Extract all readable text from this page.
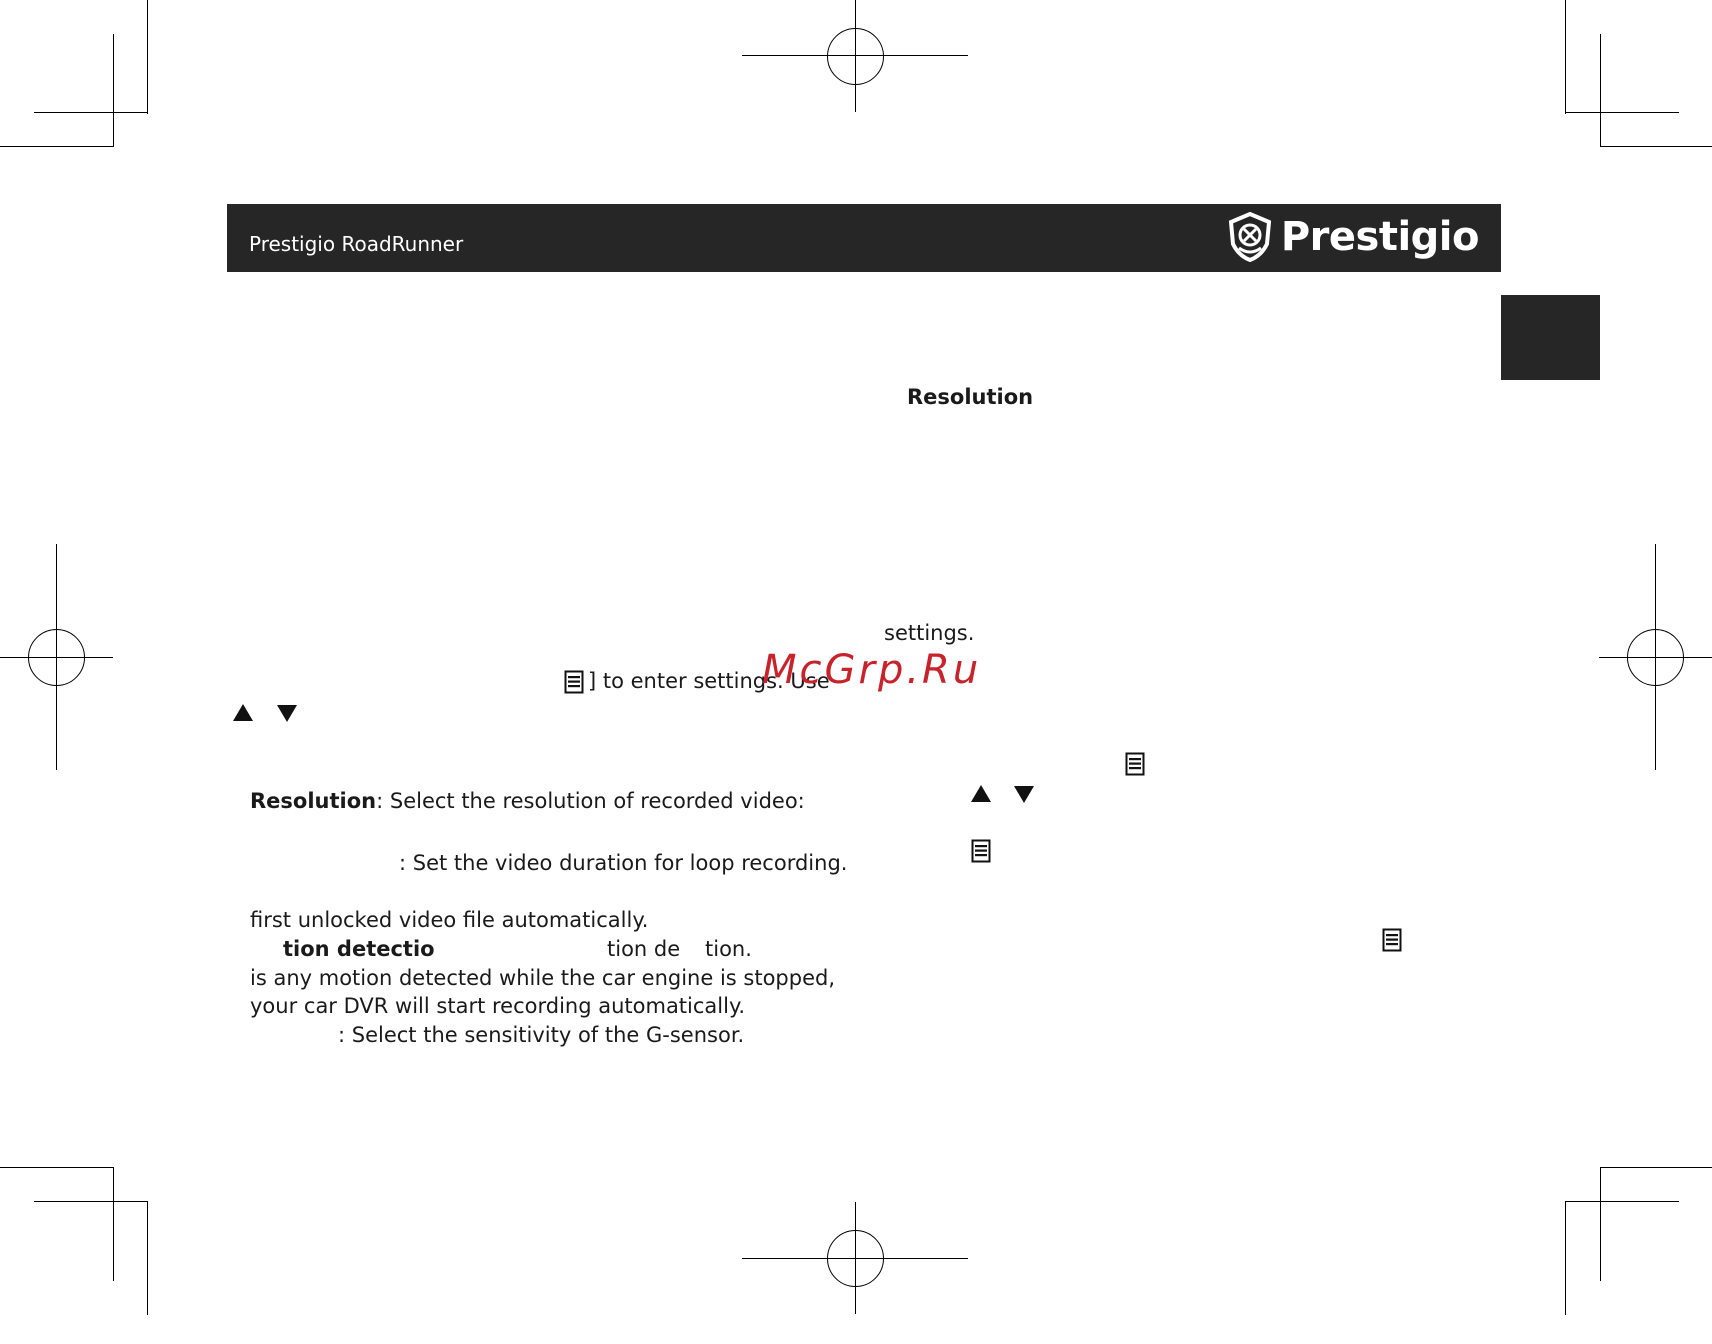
Prestigio RoadRunner	Prestigio
Resolution
settings.
] to enter settings. Use
McGrp.Ru
Resolution: Select the resolution of recorded video:
: Set the video duration for loop recording.
first unlocked video file automatically.
tion detectio	tion de tion.
is any motion detected while the car engine is stopped,
your car DVR will start recording automatically.
: Select the sensitivity of the G-sensor.
